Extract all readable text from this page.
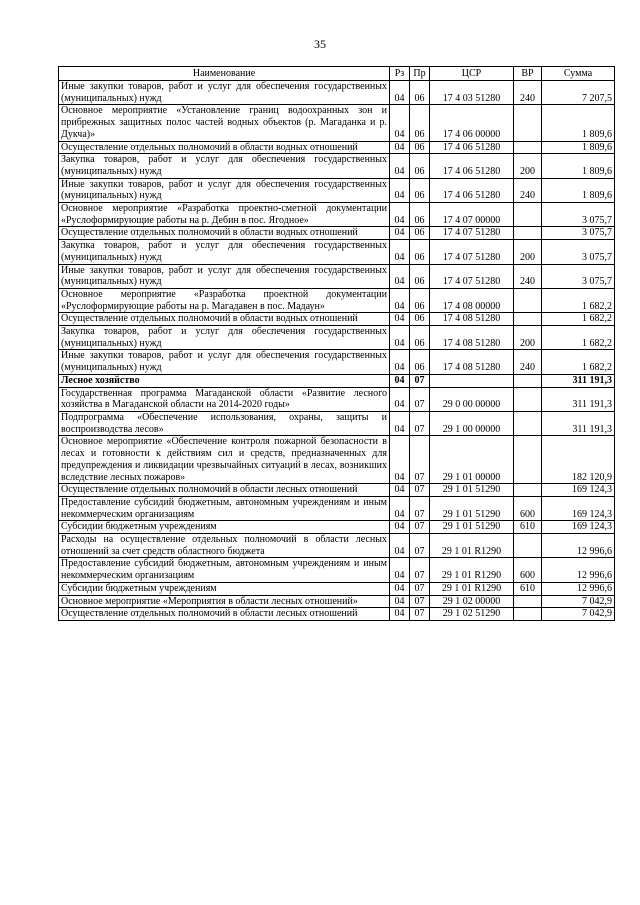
35
Наименование	Рз	Пр	ЦСР	ВР	Сумма
Иные закупки товаров, работ и услуг для обеспечения государственных (муниципальных) нужд	04	06	17 4 03 51280	240	7 207,5
Основное мероприятие «Установление границ водоохранных зон и прибрежных защитных полос частей водных объектов (р. Магаданка и р. Дукча)»	04	06	17 4 06 00000		1 809,6
Осуществление отдельных полномочий в области водных отношений	04	06	17 4 06 51280		1 809,6
Закупка товаров, работ и услуг для обеспечения государственных (муниципальных) нужд	04	06	17 4 06 51280	200	1 809,6
Иные закупки товаров, работ и услуг для обеспечения государственных (муниципальных) нужд	04	06	17 4 06 51280	240	1 809,6
Основное мероприятие «Разработка проектно-сметной документации «Руслоформирующие работы на р. Дебин в пос. Ягодное»	04	06	17 4 07 00000		3 075,7
Осуществление отдельных полномочий в области водных отношений	04	06	17 4 07 51280		3 075,7
Закупка товаров, работ и услуг для обеспечения государственных (муниципальных) нужд	04	06	17 4 07 51280	200	3 075,7
Иные закупки товаров, работ и услуг для обеспечения государственных (муниципальных) нужд	04	06	17 4 07 51280	240	3 075,7
Основное мероприятие «Разработка проектной документации «Руслоформирующие работы на р. Магадавен в пос. Мадаун»	04	06	17 4 08 00000		1 682,2
Осуществление отдельных полномочий в области водных отношений	04	06	17 4 08 51280		1 682,2
Закупка товаров, работ и услуг для обеспечения государственных (муниципальных) нужд	04	06	17 4 08 51280	200	1 682,2
Иные закупки товаров, работ и услуг для обеспечения государственных (муниципальных) нужд	04	06	17 4 08 51280	240	1 682,2
Лесное хозяйство	04	07			311 191,3
Государственная программа Магаданской области «Развитие лесного хозяйства в Магаданской области на 2014-2020 годы»	04	07	29 0 00 00000		311 191,3
Подпрограмма «Обеспечение использования, охраны, защиты и воспроизводства лесов»	04	07	29 1 00 00000		311 191,3
Основное мероприятие «Обеспечение контроля пожарной безопасности в лесах и готовности к действиям сил и средств, предназначенных для предупреждения и ликвидации чрезвычайных ситуаций в лесах, возникших вследствие лесных пожаров»	04	07	29 1 01 00000		182 120,9
Осуществление отдельных полномочий в области лесных отношений	04	07	29 1 01 51290		169 124,3
Предоставление субсидий бюджетным, автономным учреждениям и иным некоммерческим организациям	04	07	29 1 01 51290	600	169 124,3
Субсидии бюджетным учреждениям	04	07	29 1 01 51290	610	169 124,3
Расходы на осуществление отдельных полномочий в области лесных отношений за счет средств областного бюджета	04	07	29 1 01 R1290		12 996,6
Предоставление субсидий бюджетным, автономным учреждениям и иным некоммерческим организациям	04	07	29 1 01 R1290	600	12 996,6
Субсидии бюджетным учреждениям	04	07	29 1 01 R1290	610	12 996,6
Основное мероприятие «Мероприятия в области лесных отношений»	04	07	29 1 02 00000		7 042,9
Осуществление отдельных полномочий в области лесных отношений	04	07	29 1 02 51290		7 042,9
